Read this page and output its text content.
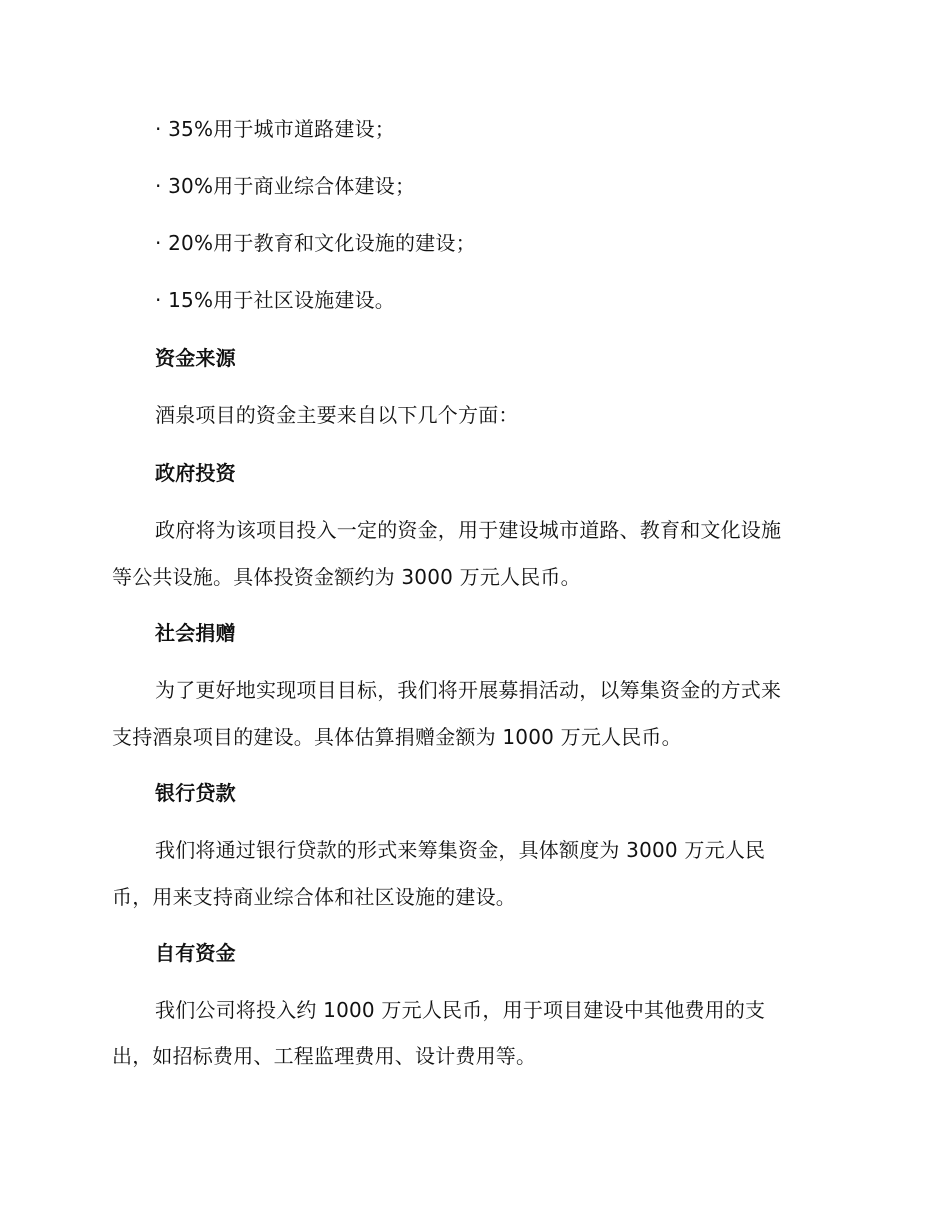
· 35%用于城市道路建设；
· 30%用于商业综合体建设；
· 20%用于教育和文化设施的建设；
· 15%用于社区设施建设。
资金来源
酒泉项目的资金主要来自以下几个方面：
政府投资
政府将为该项目投入一定的资金，用于建设城市道路、教育和文化设施
等公共设施。具体投资金额约为 3000 万元人民币。
社会捐赠
为了更好地实现项目目标，我们将开展募捐活动，以筹集资金的方式来
支持酒泉项目的建设。具体估算捐赠金额为 1000 万元人民币。
银行贷款
我们将通过银行贷款的形式来筹集资金，具体额度为 3000 万元人民
币，用来支持商业综合体和社区设施的建设。
自有资金
我们公司将投入约 1000 万元人民币，用于项目建设中其他费用的支
出，如招标费用、工程监理费用、设计费用等。
